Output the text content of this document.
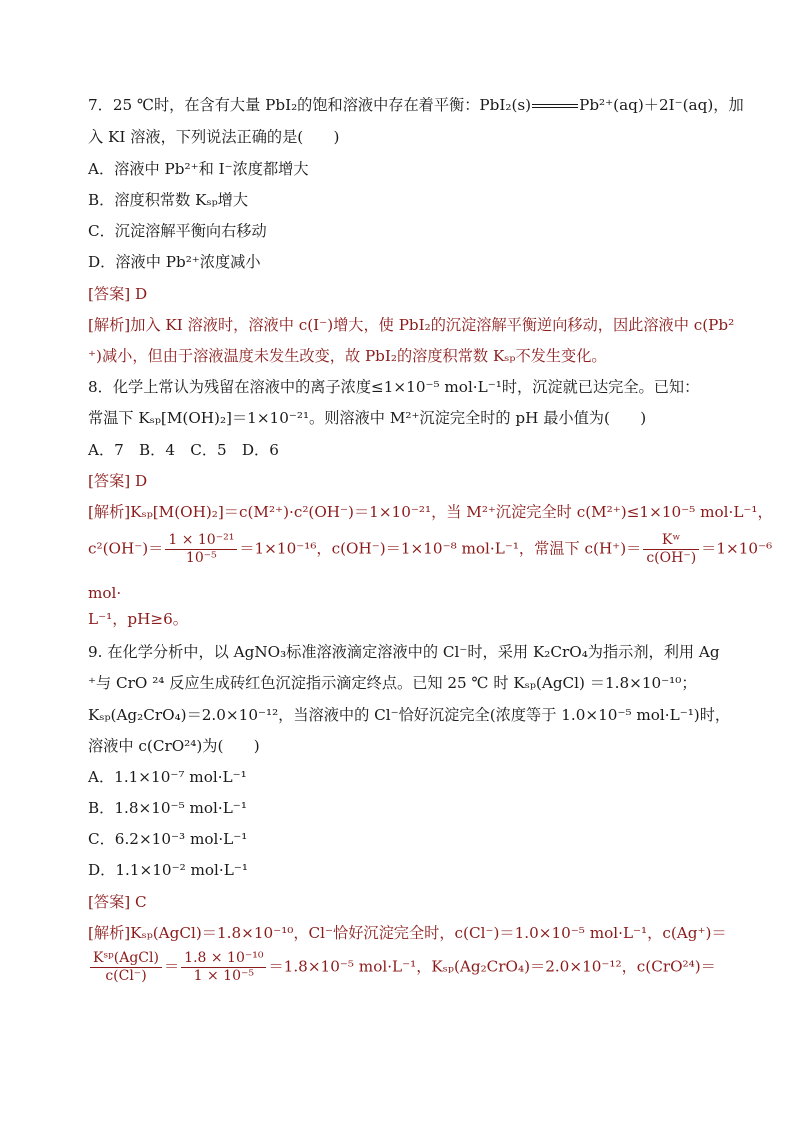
7．25 ℃时，在含有大量 PbI₂的饱和溶液中存在着平衡：PbI₂(s)	Pb²⁺(aq)＋2I⁻(aq)，加
入 KI 溶液，下列说法正确的是(　　)
A．溶液中 Pb²⁺和 I⁻浓度都增大
B．溶度积常数 Kₛₚ增大
C．沉淀溶解平衡向右移动
D．溶液中 Pb²⁺浓度减小
[答案] D
[解析]加入 KI 溶液时，溶液中 c(I⁻)增大，使 PbI₂的沉淀溶解平衡逆向移动，因此溶液中 c(Pb²
⁺)减小，但由于溶液温度未发生改变，故 PbI₂的溶度积常数 Kₛₚ不发生变化。
8．化学上常认为残留在溶液中的离子浓度≤1×10⁻⁵ mol·L⁻¹时，沉淀就已达完全。已知：
常温下 Kₛₚ[M(OH)₂]＝1×10⁻²¹。则溶液中 M²⁺沉淀完全时的 pH 最小值为(　　)
A．7　B．4　C．5　D．6
[答案] D
[解析]Kₛₚ[M(OH)₂]＝c(M²⁺)·c²(OH⁻)＝1×10⁻²¹，当 M²⁺沉淀完全时 c(M²⁺)≤1×10⁻⁵ mol·L⁻¹，
$c^2(OH^-)= \frac{\text{1 × 10⁻²¹}}{\text{10⁻⁵}} =1\times 10^{-16}$，c(OH⁻)＝1×10⁻⁸ mol·L⁻¹，常温下 $c(H^+)= \frac{\text{Kʷ}}{c(OH^-)} =1\times 10^{-6}$
mol·
L⁻¹，pH≥6。
9. 在化学分析中，以 AgNO₃标准溶液滴定溶液中的 Cl⁻时，采用 K₂CrO₄为指示剂，利用 Ag
⁺与 CrO ²⁴ 反应生成砖红色沉淀指示滴定终点。已知 25 ℃ 时 Kₛₚ(AgCl) ＝1.8×10⁻¹⁰；
Kₛₚ(Ag₂CrO₄)＝2.0×10⁻¹²，当溶液中的 Cl⁻恰好沉淀完全(浓度等于 1.0×10⁻⁵ mol·L⁻¹)时，
溶液中 c(CrO²⁴)为(　　)
A．1.1×10⁻⁷ mol·L⁻¹
B．1.8×10⁻⁵ mol·L⁻¹
C．6.2×10⁻³ mol·L⁻¹
D．1.1×10⁻² mol·L⁻¹
[答案] C
[解析]Kₛₚ(AgCl)＝1.8×10⁻¹⁰，Cl⁻恰好沉淀完全时，c(Cl⁻)＝1.0×10⁻⁵ mol·L⁻¹，c(Ag⁺)＝
$\frac{\text{Kˢᵖ(AgCl)}}{c(Cl^-)} = \frac{\text{1.8 × 10⁻¹⁰}}{\text{1 × 10⁻⁵}} =1.8\times 10^{-5}$ mol·L⁻¹，Kₛₚ(Ag₂CrO₄)＝2.0×10⁻¹²，c(CrO²⁴)＝
